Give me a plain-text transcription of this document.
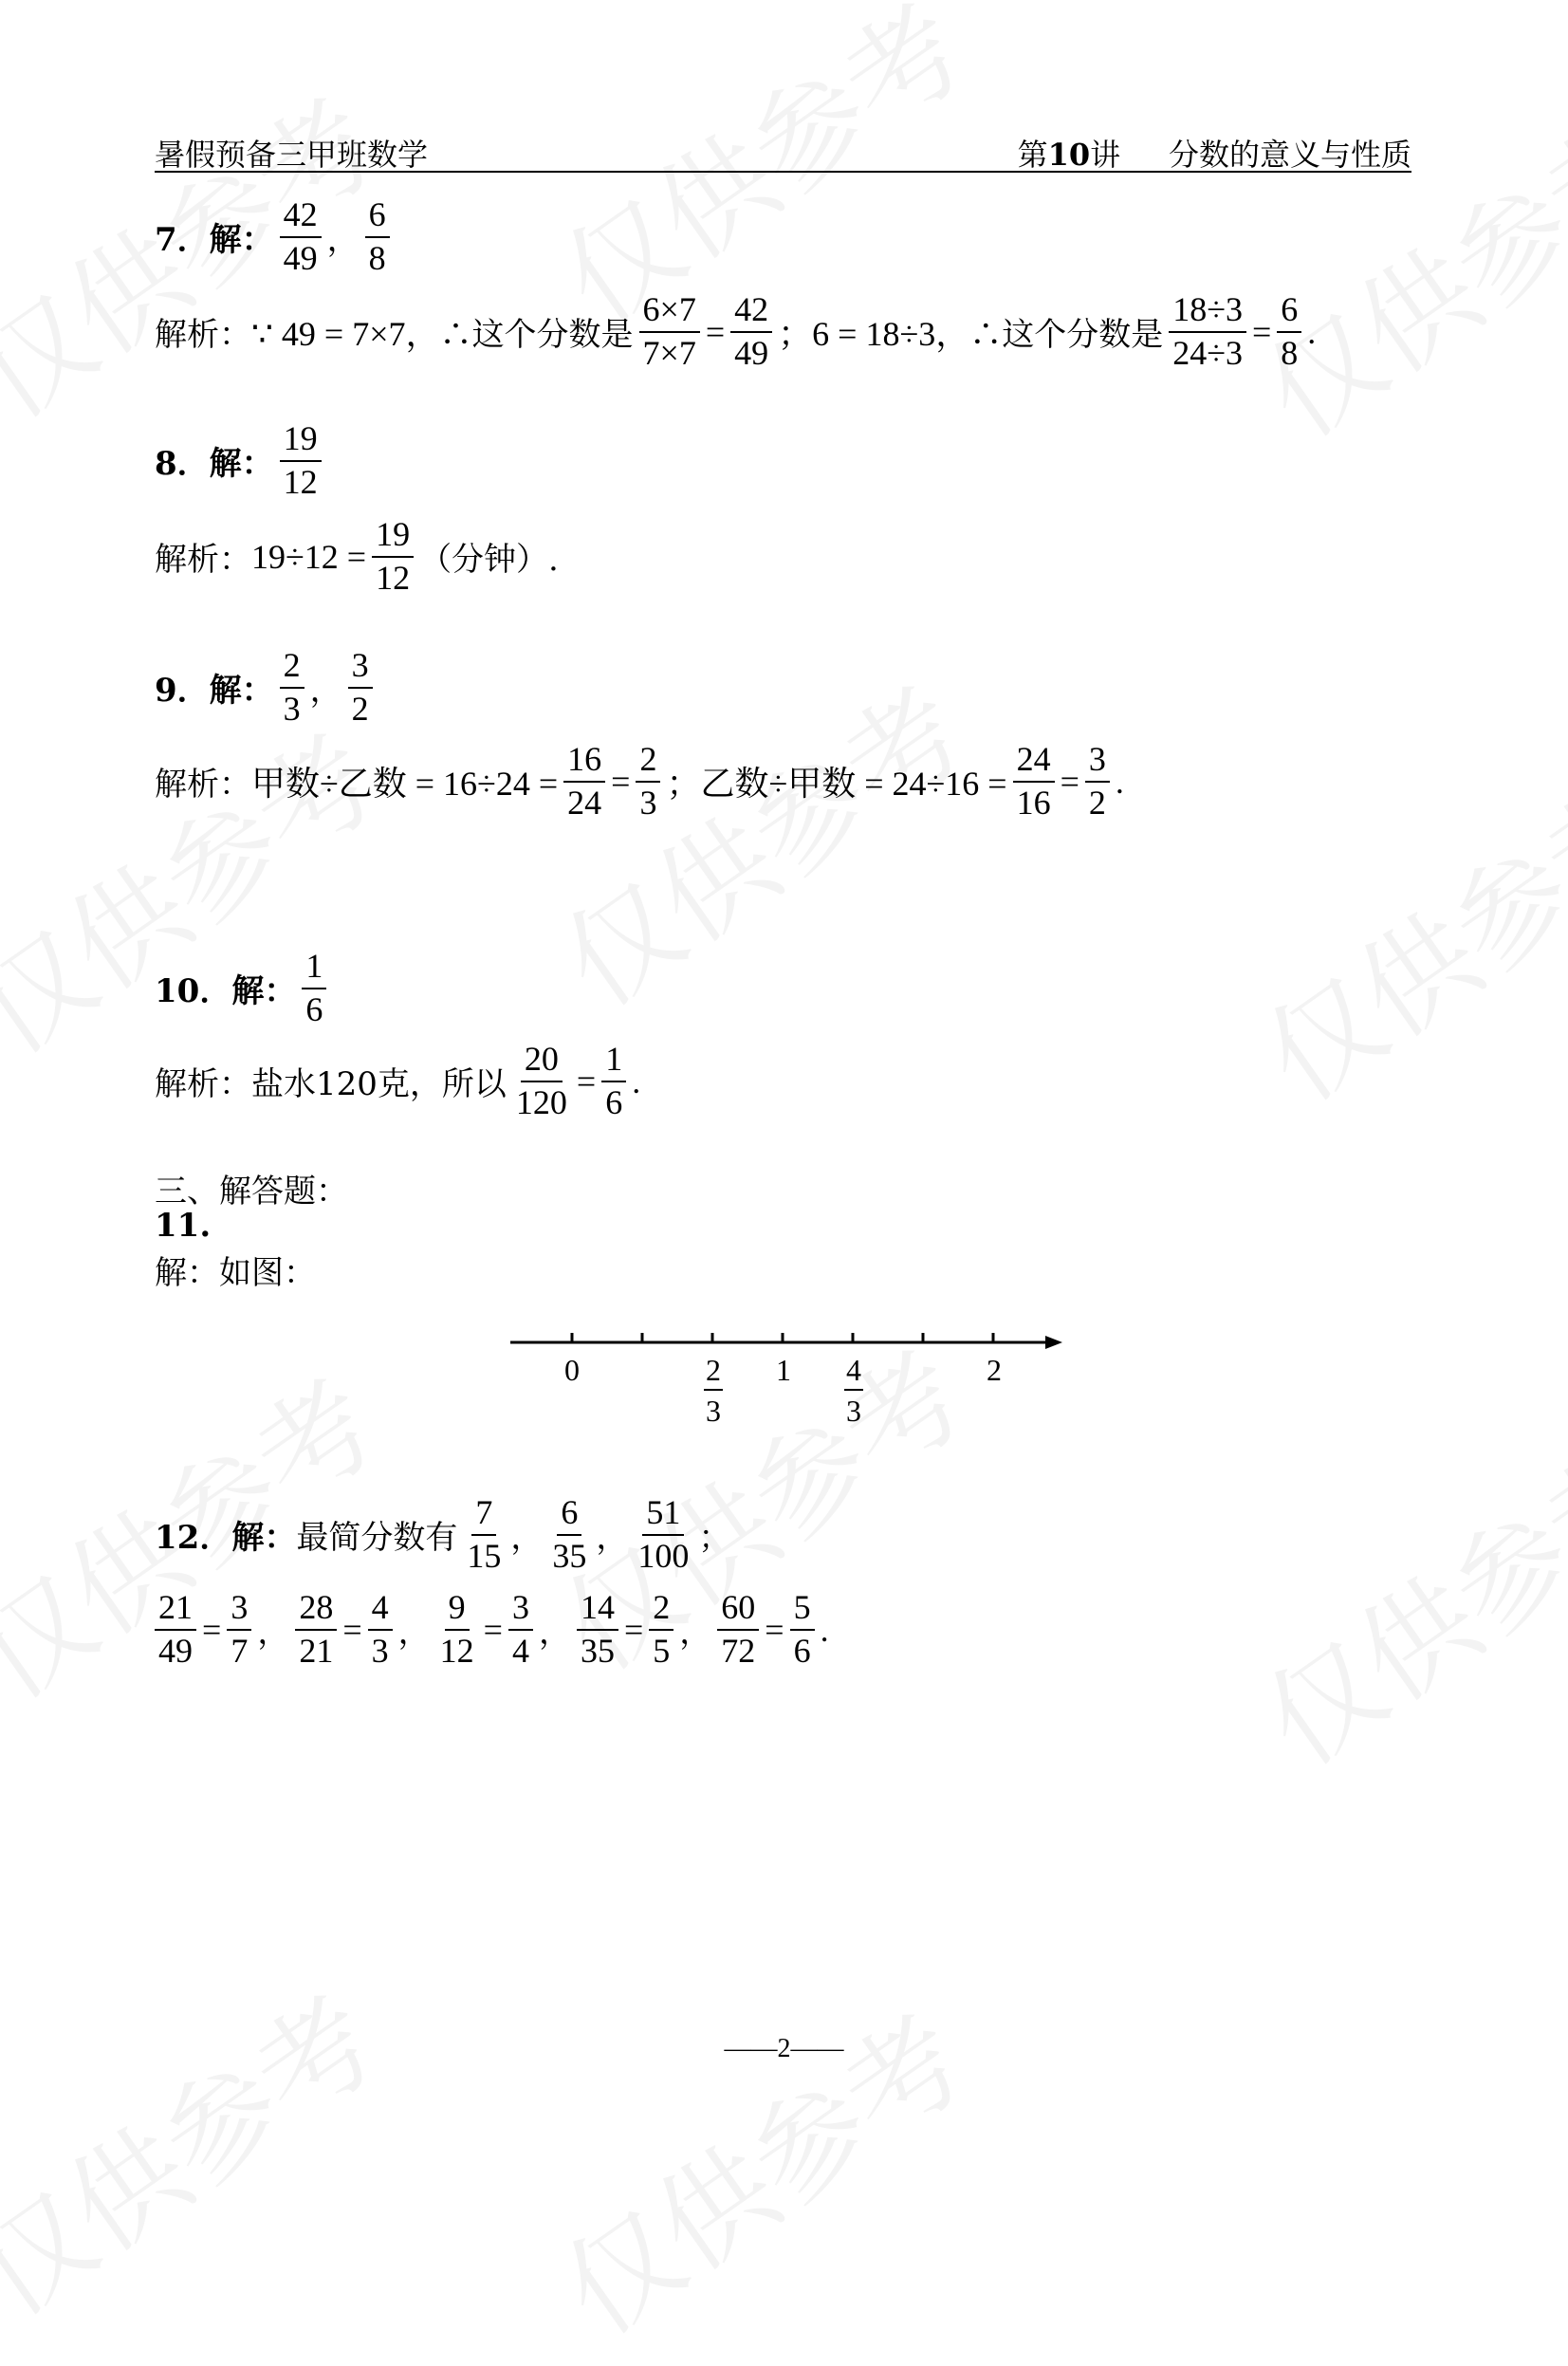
暑假预备三甲班数学	第10讲 分数的意义与性质
7．解： $\frac{42}{49}$ ， $\frac{6}{8}$
解析： ∵ 49 = 7×7， ∴这个分数是 $\frac{6\times 7}{7\times 7} = \frac{42}{49}$ ；6 = 18÷3， ∴这个分数是 $\frac{18\div 3}{24\div 3} = \frac{6}{8}$ .
8．解： $\frac{19}{12}$
解析： $19\div 12 = \frac{19}{12}$ （分钟）.
9．解： $\frac{2}{3}$ ， $\frac{3}{2}$
解析： 甲数÷乙数 = $16\div 24 = \frac{16}{24} = \frac{2}{3}$ ；乙数÷甲数 = $24\div 16 = \frac{24}{16} = \frac{3}{2}$ .
10．解： $\frac{1}{6}$
解析： 盐水120克，所以 $\frac{20}{120} = \frac{1}{6}$ .
三、解答题：
11.
解：如图：
0	2
3
1 4
3
2
12．解： 最简分数有 $\frac{7}{15}$ ， $\frac{6}{35}$ ， $\frac{51}{100}$ ；
$\frac{21}{49} = \frac{3}{7}$ ， $\frac{28}{21} = \frac{4}{3}$ ， $\frac{9}{12} = \frac{3}{4}$ ， $\frac{14}{35} = \frac{2}{5}$ ， $\frac{60}{72} = \frac{5}{6}$ .
——2——
